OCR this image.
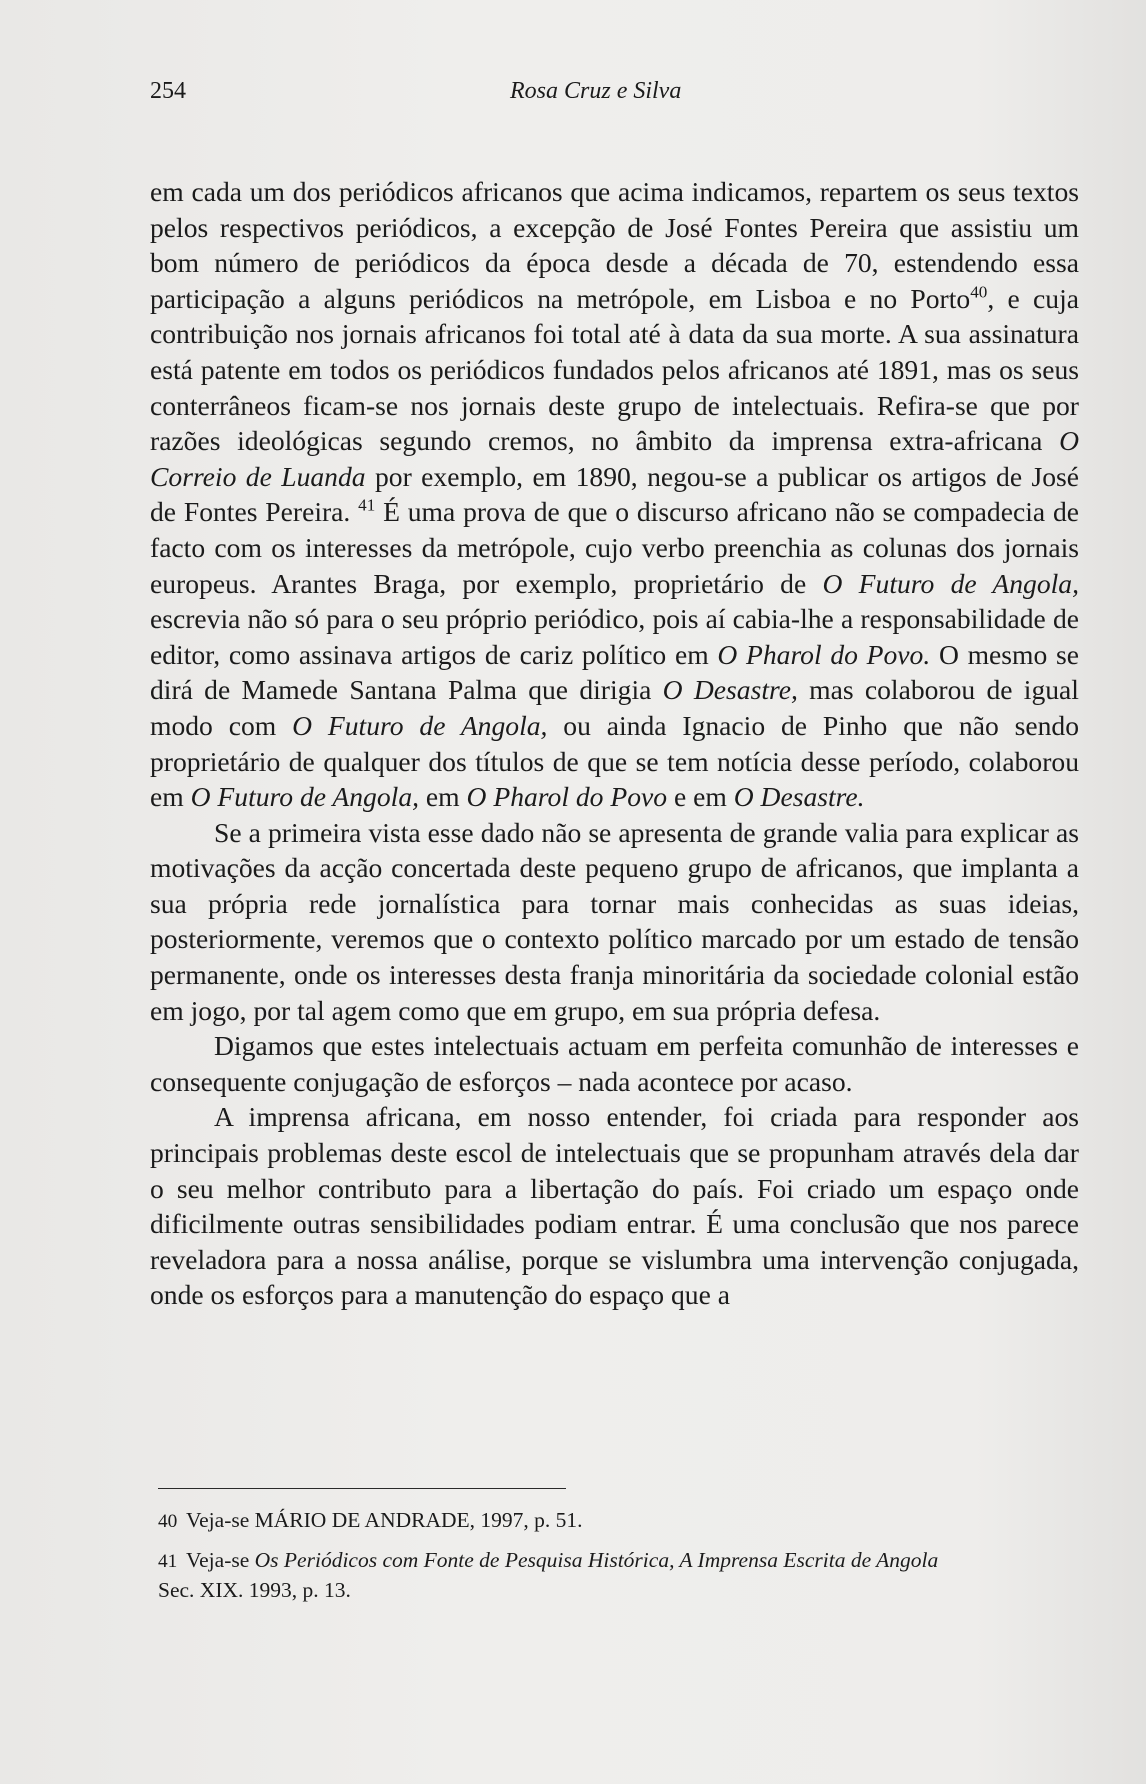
254	Rosa Cruz e Silva

em cada um dos periódicos africanos que acima indicamos, repartem os seus textos pelos respectivos periódicos, a excepção de José Fontes Pereira que assistiu um bom número de periódicos da época desde a década de 70, estendendo essa participação a alguns periódicos na metrópole, em Lisboa e no Porto$^{40}$, e cuja contribuição nos jornais africanos foi total até à data da sua morte. A sua assinatura está patente em todos os periódicos fundados pelos africanos até 1891, mas os seus conterrâneos ficam-se nos jornais deste grupo de intelectuais. Refira-se que por razões ideológicas segundo cremos, no âmbito da imprensa extra-africana O Correio de Luanda por exemplo, em 1890, negou-se a publicar os artigos de José de Fontes Pereira. $^{41}$ É uma prova de que o discurso africano não se compadecia de facto com os interesses da metrópole, cujo verbo preenchia as colunas dos jornais europeus. Arantes Braga, por exemplo, proprietário de O Futuro de Angola, escrevia não só para o seu próprio periódico, pois aí cabia-lhe a responsabilidade de editor, como assinava artigos de cariz político em O Pharol do Povo. O mesmo se dirá de Mamede Santana Palma que dirigia O Desastre, mas colaborou de igual modo com O Futuro de Angola, ou ainda Ignacio de Pinho que não sendo proprietário de qualquer dos títulos de que se tem notícia desse período, colaborou em O Futuro de Angola, em O Pharol do Povo e em O Desastre.

Se a primeira vista esse dado não se apresenta de grande valia para explicar as motivações da acção concertada deste pequeno grupo de africanos, que implanta a sua própria rede jornalística para tornar mais conhecidas as suas ideias, posteriormente, veremos que o contexto político marcado por um estado de tensão permanente, onde os interesses desta franja minoritária da sociedade colonial estão em jogo, por tal agem como que em grupo, em sua própria defesa.

Digamos que estes intelectuais actuam em perfeita comunhão de interesses e consequente conjugação de esforços – nada acontece por acaso.

A imprensa africana, em nosso entender, foi criada para responder aos principais problemas deste escol de intelectuais que se propunham através dela dar o seu melhor contributo para a libertação do país. Foi criado um espaço onde dificilmente outras sensibilidades podiam entrar. É uma conclusão que nos parece reveladora para a nossa análise, porque se vislumbra uma intervenção conjugada, onde os esforços para a manutenção do espaço que a

40 Veja-se MÁRIO DE ANDRADE, 1997, p. 51.
41 Veja-se Os Periódicos com Fonte de Pesquisa Histórica, A Imprensa Escrita de Angola
Sec. XIX. 1993, p. 13.
